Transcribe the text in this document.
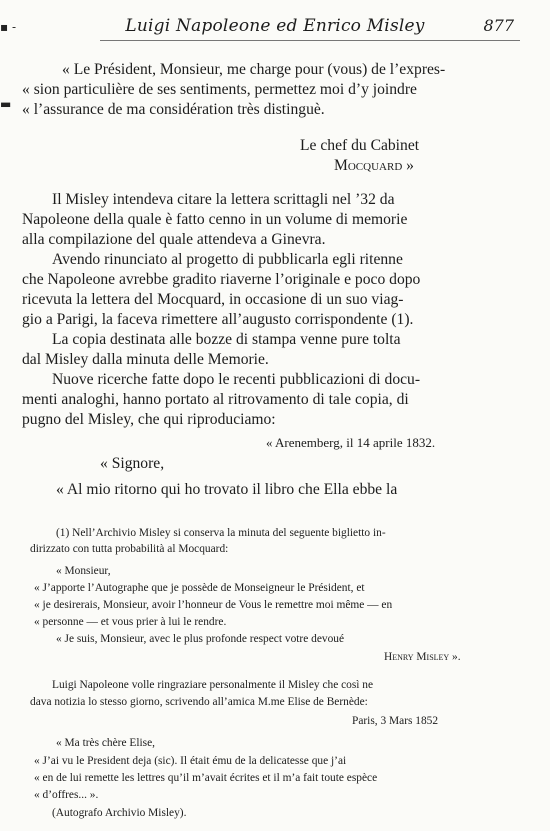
Luigi Napoleone ed Enrico Misley	877
▪ -
▬
« Le Président, Monsieur, me charge pour (vous) de l’expres-
« sion particulière de ses sentiments, permettez moi d’y joindre
« l’assurance de ma considération très distinguè.
Le chef du Cabinet
Mocquard »
Il Misley intendeva citare la lettera scrittagli nel ’32 da
Napoleone della quale è fatto cenno in un volume di memorie
alla compilazione del quale attendeva a Ginevra.
Avendo rinunciato al progetto di pubblicarla egli ritenne
che Napoleone avrebbe gradito riaverne l’originale e poco dopo
ricevuta la lettera del Mocquard, in occasione di un suo viag-
gio a Parigi, la faceva rimettere all’augusto corrispondente (1).
La copia destinata alle bozze di stampa venne pure tolta
dal Misley dalla minuta delle Memorie.
Nuove ricerche fatte dopo le recenti pubblicazioni di docu-
menti analoghi, hanno portato al ritrovamento di tale copia, di
pugno del Misley, che qui riproduciamo:
« Arenemberg, il 14 aprile 1832.
« Signore,
« Al mio ritorno qui ho trovato il libro che Ella ebbe la
(1) Nell’Archivio Misley si conserva la minuta del seguente biglietto in-
dirizzato con tutta probabilità al Mocquard:
« Monsieur,
« J’apporte l’Autographe que je possède de Monseigneur le Président, et
« je desirerais, Monsieur, avoir l’honneur de Vous le remettre moi même — en
« personne — et vous prier à lui le rendre.
« Je suis, Monsieur, avec le plus profonde respect votre devoué
Henry Misley ».
Luigi Napoleone volle ringraziare personalmente il Misley che così ne
dava notizia lo stesso giorno, scrivendo all’amica M.me Elise de Bernède:
Paris, 3 Mars 1852
« Ma très chère Elise,
« J’ai vu le President deja (sic). Il était ému de la delicatesse que j’ai
« en de lui remette les lettres qu’il m’avait écrites et il m’a fait toute espèce
« d’offres... ».
(Autografo Archivio Misley).
